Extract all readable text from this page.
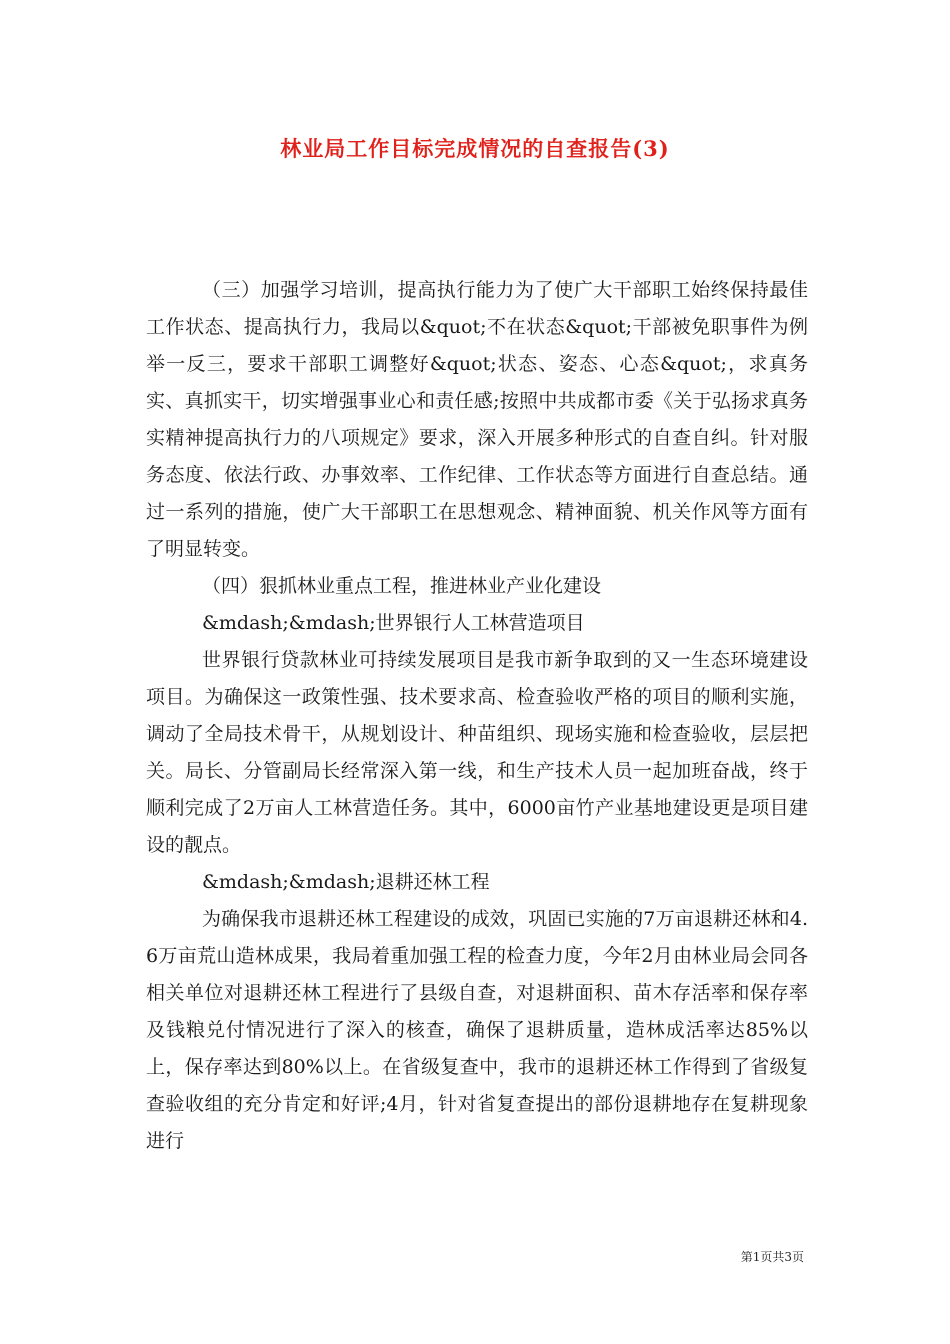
林业局工作目标完成情况的自查报告(3)

（三）加强学习培训，提高执行能力为了使广大干部职工始终保持最佳工作状态、提高执行力，我局以&quot;不在状态&quot;干部被免职事件为例举一反三，要求干部职工调整好&quot;状态、姿态、心态&quot;，求真务实、真抓实干，切实增强事业心和责任感;按照中共成都市委《关于弘扬求真务实精神提高执行力的八项规定》要求，深入开展多种形式的自查自纠。针对服务态度、依法行政、办事效率、工作纪律、工作状态等方面进行自查总结。通过一系列的措施，使广大干部职工在思想观念、精神面貌、机关作风等方面有了明显转变。

（四）狠抓林业重点工程，推进林业产业化建设

&mdash;&mdash;世界银行人工林营造项目

世界银行贷款林业可持续发展项目是我市新争取到的又一生态环境建设项目。为确保这一政策性强、技术要求高、检查验收严格的项目的顺利实施，调动了全局技术骨干，从规划设计、种苗组织、现场实施和检查验收，层层把关。局长、分管副局长经常深入第一线，和生产技术人员一起加班奋战，终于顺利完成了2万亩人工林营造任务。其中，6000亩竹产业基地建设更是项目建设的靓点。

&mdash;&mdash;退耕还林工程

为确保我市退耕还林工程建设的成效，巩固已实施的7万亩退耕还林和4.6万亩荒山造林成果，我局着重加强工程的检查力度，今年2月由林业局会同各相关单位对退耕还林工程进行了县级自查，对退耕面积、苗木存活率和保存率及钱粮兑付情况进行了深入的核查，确保了退耕质量，造林成活率达85%以上，保存率达到80%以上。在省级复查中，我市的退耕还林工作得到了省级复查验收组的充分肯定和好评;4月，针对省复查提出的部份退耕地存在复耕现象进行

第1页共3页
